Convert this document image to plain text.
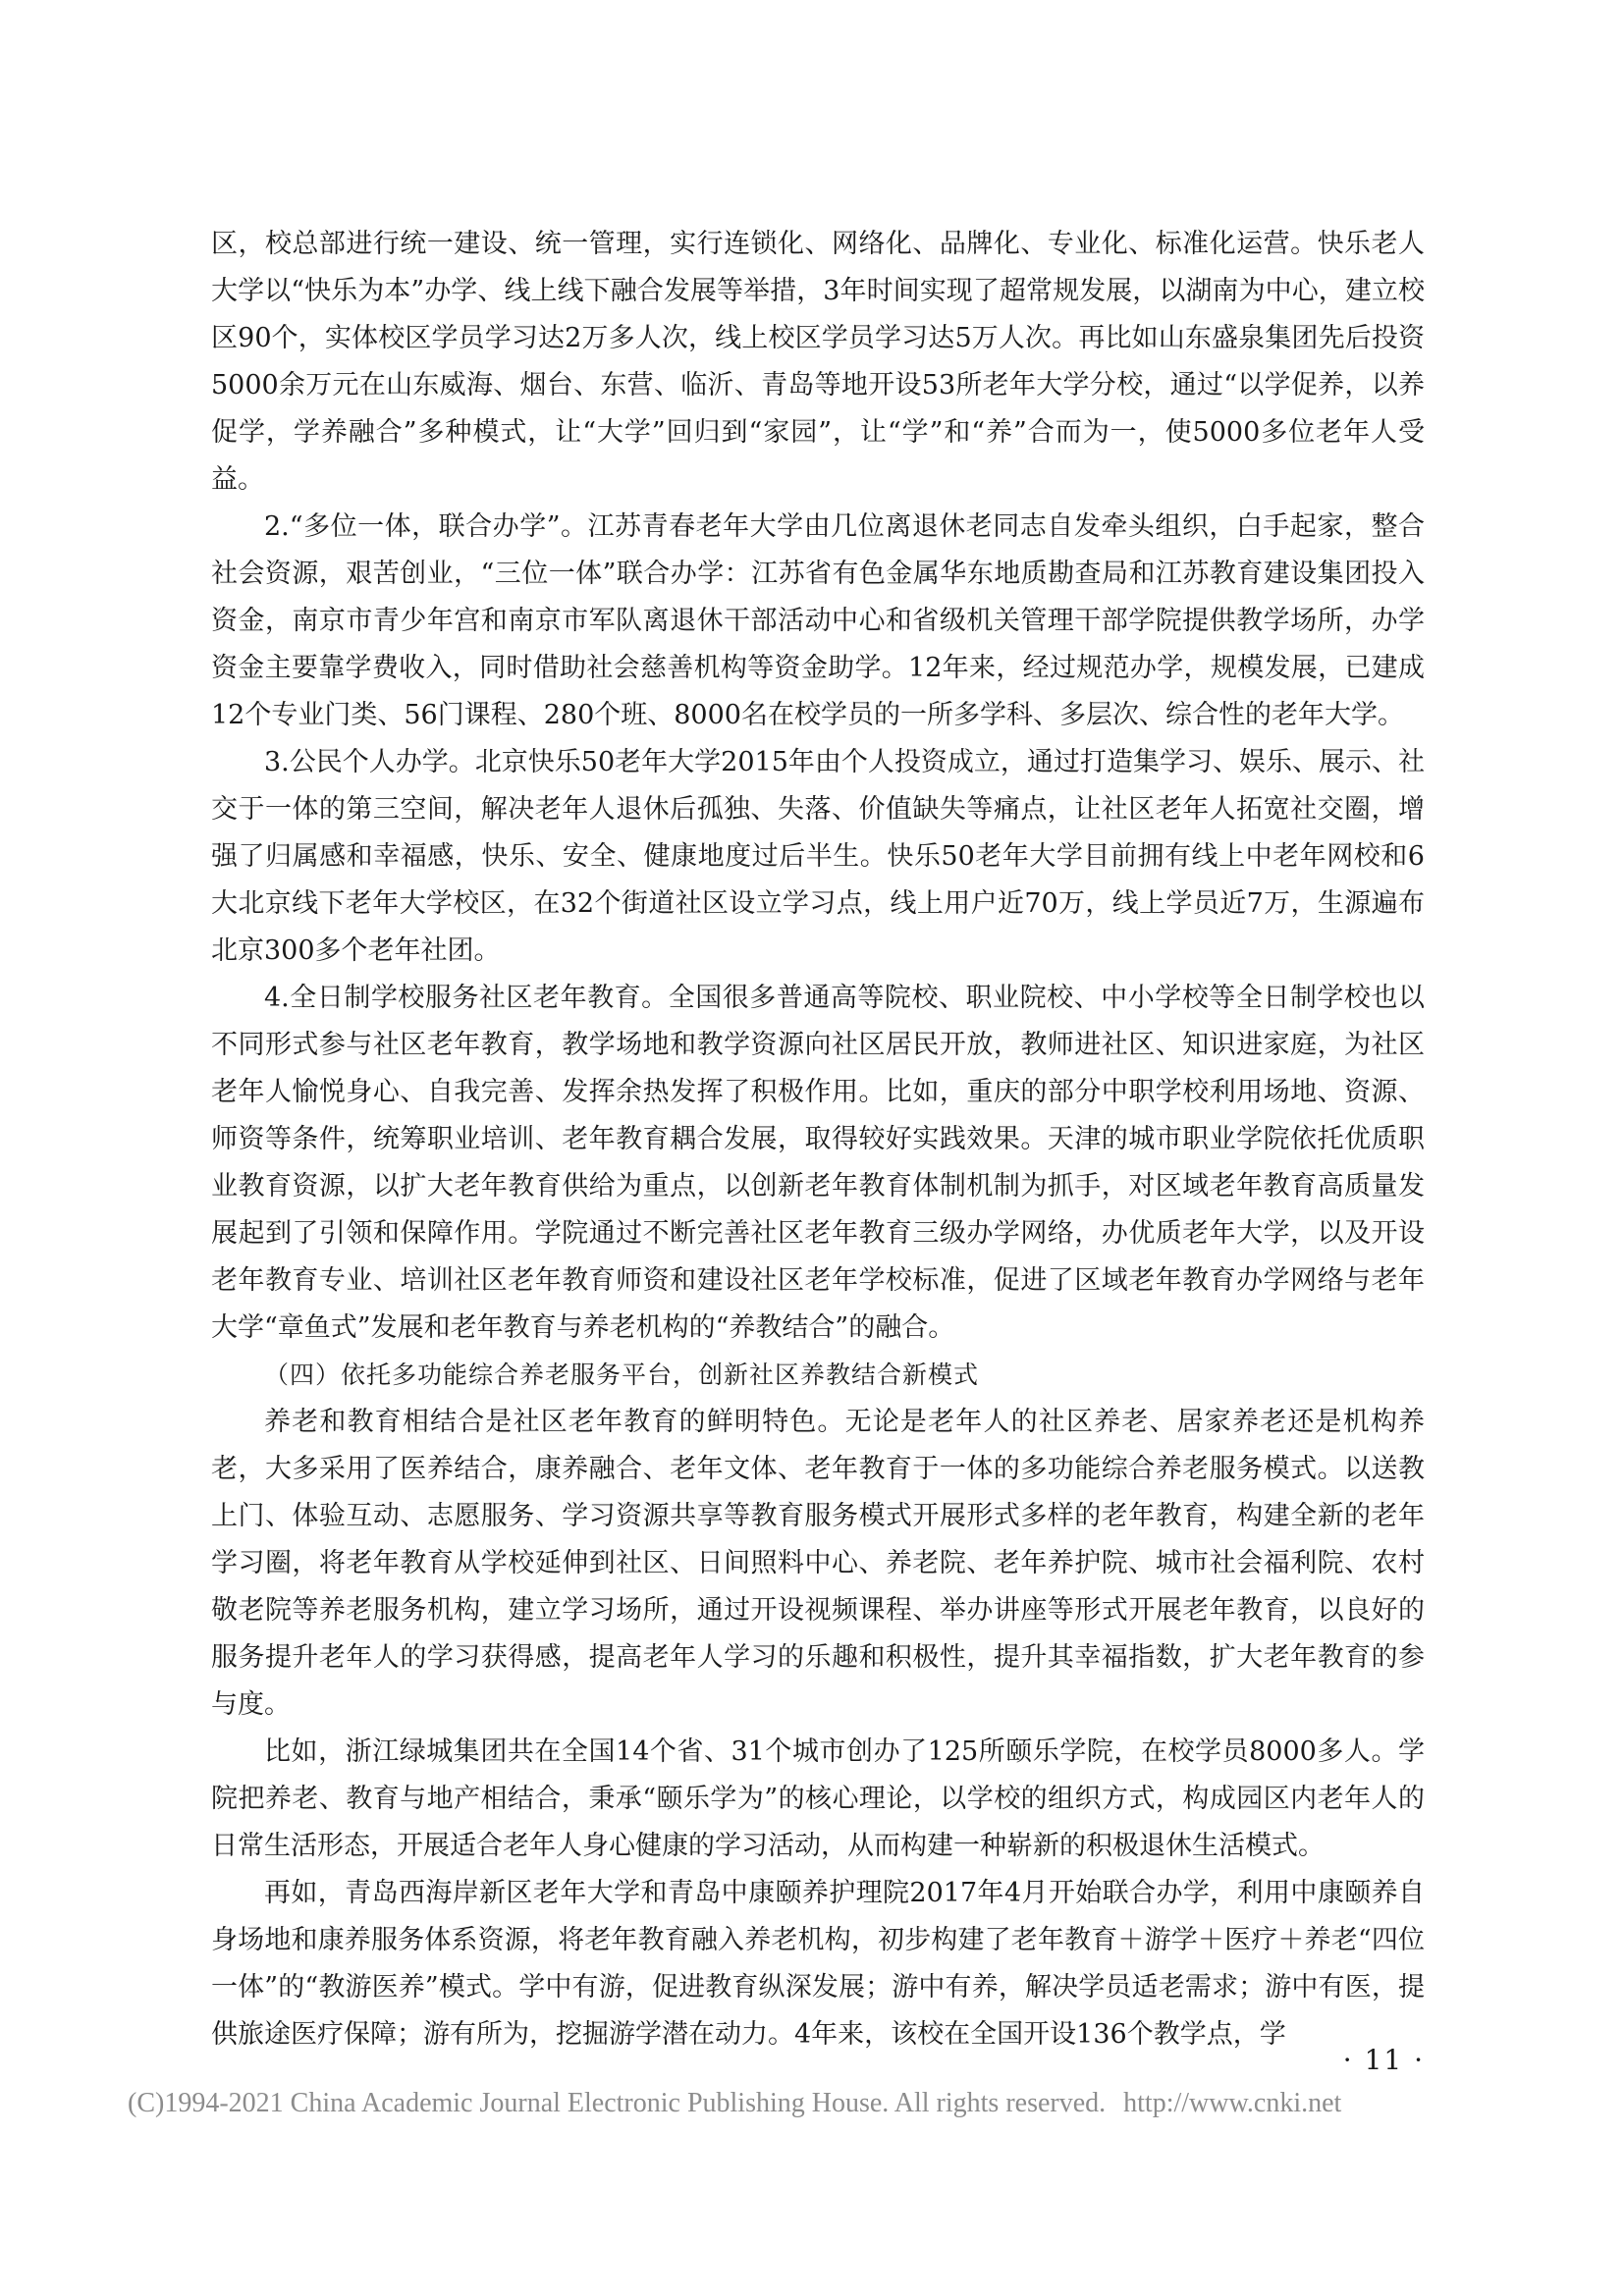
区，校总部进行统一建设、统一管理，实行连锁化、网络化、品牌化、专业化、标准化运营。快乐老人大学以“快乐为本”办学、线上线下融合发展等举措，3年时间实现了超常规发展，以湖南为中心，建立校区90个，实体校区学员学习达2万多人次，线上校区学员学习达5万人次。再比如山东盛泉集团先后投资5000余万元在山东威海、烟台、东营、临沂、青岛等地开设53所老年大学分校，通过“以学促养，以养促学，学养融合”多种模式，让“大学”回归到“家园”，让“学”和“养”合而为一，使5000多位老年人受益。

2.“多位一体，联合办学”。江苏青春老年大学由几位离退休老同志自发牵头组织，白手起家，整合社会资源，艰苦创业，“三位一体”联合办学：江苏省有色金属华东地质勘查局和江苏教育建设集团投入资金，南京市青少年宫和南京市军队离退休干部活动中心和省级机关管理干部学院提供教学场所，办学资金主要靠学费收入，同时借助社会慈善机构等资金助学。12年来，经过规范办学，规模发展，已建成12个专业门类、56门课程、280个班、8000名在校学员的一所多学科、多层次、综合性的老年大学。

3.公民个人办学。北京快乐50老年大学2015年由个人投资成立，通过打造集学习、娱乐、展示、社交于一体的第三空间，解决老年人退休后孤独、失落、价值缺失等痛点，让社区老年人拓宽社交圈，增强了归属感和幸福感，快乐、安全、健康地度过后半生。快乐50老年大学目前拥有线上中老年网校和6大北京线下老年大学校区，在32个街道社区设立学习点，线上用户近70万，线上学员近7万，生源遍布北京300多个老年社团。

4.全日制学校服务社区老年教育。全国很多普通高等院校、职业院校、中小学校等全日制学校也以不同形式参与社区老年教育，教学场地和教学资源向社区居民开放，教师进社区、知识进家庭，为社区老年人愉悦身心、自我完善、发挥余热发挥了积极作用。比如，重庆的部分中职学校利用场地、资源、师资等条件，统筹职业培训、老年教育耦合发展，取得较好实践效果。天津的城市职业学院依托优质职业教育资源，以扩大老年教育供给为重点，以创新老年教育体制机制为抓手，对区域老年教育高质量发展起到了引领和保障作用。学院通过不断完善社区老年教育三级办学网络，办优质老年大学，以及开设老年教育专业、培训社区老年教育师资和建设社区老年学校标准，促进了区域老年教育办学网络与老年大学“章鱼式”发展和老年教育与养老机构的“养教结合”的融合。

（四）依托多功能综合养老服务平台，创新社区养教结合新模式

养老和教育相结合是社区老年教育的鲜明特色。无论是老年人的社区养老、居家养老还是机构养老，大多采用了医养结合，康养融合、老年文体、老年教育于一体的多功能综合养老服务模式。以送教上门、体验互动、志愿服务、学习资源共享等教育服务模式开展形式多样的老年教育，构建全新的老年学习圈，将老年教育从学校延伸到社区、日间照料中心、养老院、老年养护院、城市社会福利院、农村敬老院等养老服务机构，建立学习场所，通过开设视频课程、举办讲座等形式开展老年教育，以良好的服务提升老年人的学习获得感，提高老年人学习的乐趣和积极性，提升其幸福指数，扩大老年教育的参与度。

比如，浙江绿城集团共在全国14个省、31个城市创办了125所颐乐学院，在校学员8000多人。学院把养老、教育与地产相结合，秉承“颐乐学为”的核心理论，以学校的组织方式，构成园区内老年人的日常生活形态，开展适合老年人身心健康的学习活动，从而构建一种崭新的积极退休生活模式。

再如，青岛西海岸新区老年大学和青岛中康颐养护理院2017年4月开始联合办学，利用中康颐养自身场地和康养服务体系资源，将老年教育融入养老机构，初步构建了老年教育＋游学＋医疗＋养老“四位一体”的“教游医养”模式。学中有游，促进教育纵深发展；游中有养，解决学员适老需求；游中有医，提供旅途医疗保障；游有所为，挖掘游学潜在动力。4年来，该校在全国开设136个教学点，学

· 11 ·
(C)1994-2021 China Academic Journal Electronic Publishing House. All rights reserved. http://www.cnki.net
